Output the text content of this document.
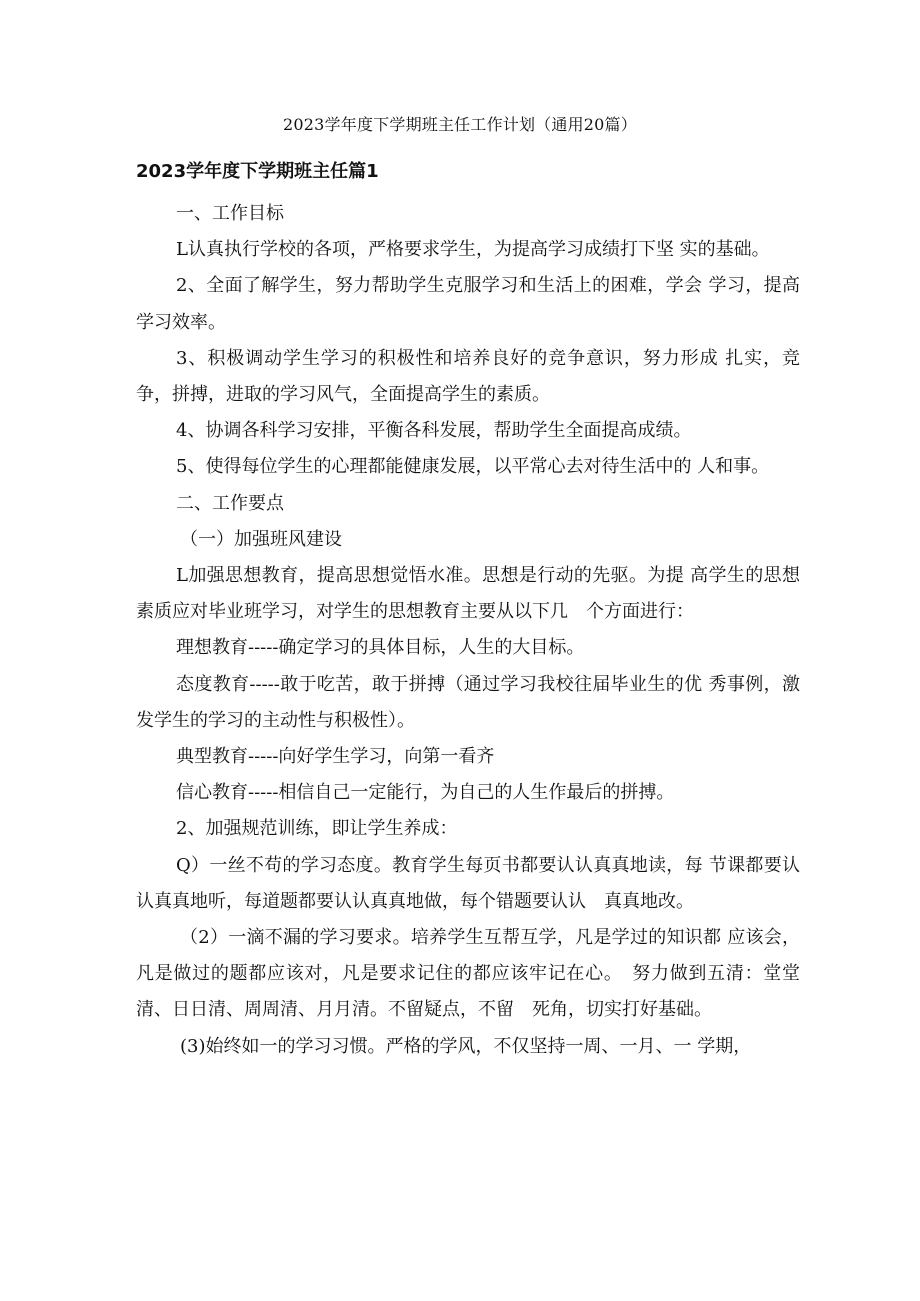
2023学年度下学期班主任工作计划（通用20篇）
2023学年度下学期班主任篇1

一、工作目标

L认真执行学校的各项，严格要求学生，为提高学习成绩打下坚 实的基础。

2、全面了解学生，努力帮助学生克服学习和生活上的困难，学会 学习，提高学习效率。

3、积极调动学生学习的积极性和培养良好的竞争意识，努力形成 扎实，竞争，拼搏，进取的学习风气，全面提高学生的素质。

4、协调各科学习安排，平衡各科发展，帮助学生全面提高成绩。

5、使得每位学生的心理都能健康发展，以平常心去对待生活中的 人和事。

二、工作要点

（一）加强班风建设

L加强思想教育，提高思想觉悟水准。思想是行动的先驱。为提 高学生的思想素质应对毕业班学习，对学生的思想教育主要从以下几　个方面进行：

理想教育-----确定学习的具体目标，人生的大目标。

态度教育-----敢于吃苦，敢于拼搏（通过学习我校往届毕业生的优 秀事例，激发学生的学习的主动性与积极性）。

典型教育-----向好学生学习，向第一看齐

信心教育-----相信自己一定能行，为自己的人生作最后的拼搏。

2、加强规范训练，即让学生养成：

Q）一丝不苟的学习态度。教育学生每页书都要认认真真地读，每 节课都要认认真真地听，每道题都要认认真真地做，每个错题要认认　真真地改。

（2）一滴不漏的学习要求。培养学生互帮互学，凡是学过的知识都 应该会，凡是做过的题都应该对，凡是要求记住的都应该牢记在心。　努力做到五清：堂堂清、日日清、周周清、月月清。不留疑点，不留　死角，切实打好基础。

(3)始终如一的学习习惯。严格的学风，不仅坚持一周、一月、一 学期，
